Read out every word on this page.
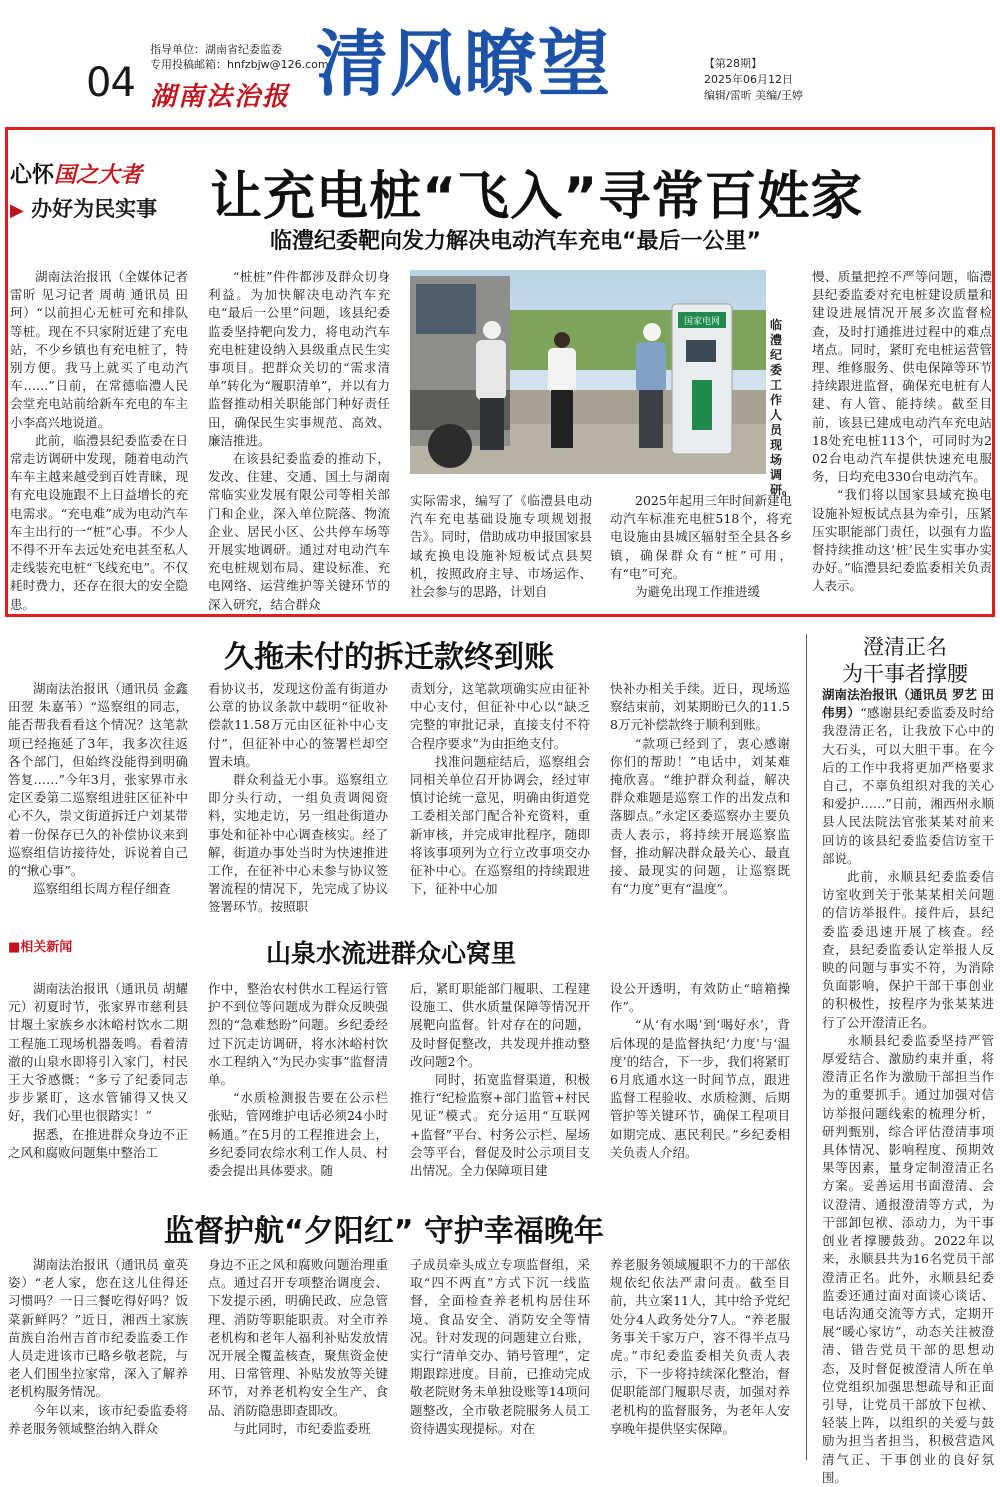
04
指导单位：湖南省纪委监委
专用投稿邮箱：hnfzbjw@126.com
湖南法治报 清风瞭望	【第28期】
2025年06月12日
编辑/雷昕 美编/王婷
心怀国之大者
▶ 办好为民实事 让充电桩“飞入”寻常百姓家
临澧纪委靶向发力解决电动汽车充电“最后一公里”

湖南法治报讯（全媒体记者 雷昕 见习记者 周萌 通讯员 田珂）“以前担心无桩可充和排队等桩。现在不只家附近建了充电站，不少乡镇也有充电桩了，特别方便。我马上就买了电动汽车……”日前，在常德临澧人民会堂充电站前给新车充电的车主小李高兴地说道。

此前，临澧县纪委监委在日常走访调研中发现，随着电动汽车车主越来越受到百姓青睐，现有充电设施跟不上日益增长的充电需求。“充电难”成为电动汽车车主出行的一“桩”心事。不少人不得不开车去远处充电甚至私人走线装充电桩“飞线充电”。不仅耗时费力，还存在很大的安全隐患。

“桩桩”件件都涉及群众切身利益。为加快解决电动汽车充电“最后一公里”问题，该县纪委监委坚持靶向发力，将电动汽车充电桩建设纳入县级重点民生实事项目。把群众关切的“需求清单”转化为“履职清单”，并以有力监督推动相关职能部门种好责任田，确保民生实事规范、高效、廉洁推进。

在该县纪委监委的推动下，发改、住建、交通、国土与湖南常临实业发展有限公司等相关部门和企业，深入单位院落、物流企业、居民小区、公共停车场等开展实地调研。通过对电动汽车充电桩规划布局、建设标准、充电网络、运营维护等关键环节的深入研究，结合群众

国家电网	临澧纪委工作人员现场调研。

实际需求，编写了《临澧县电动汽车充电基础设施专项规划报告》。同时，借助成功申报国家县域充换电设施补短板试点县契机，按照政府主导、市场运作、社会参与的思路，计划自

2025年起用三年时间新建电动汽车标准充电桩518个，将充电设施由县城区辐射至全县各乡镇，确保群众有“桩”可用，有“电”可充。

为避免出现工作推进缓

慢、质量把控不严等问题，临澧县纪委监委对充电桩建设质量和建设进展情况开展多次监督检查，及时打通推进过程中的难点堵点。同时，紧盯充电桩运营管理、维修服务、供电保障等环节持续跟进监督，确保充电桩有人建、有人管、能持续。截至目前，该县已建成电动汽车充电站18处充电桩113个，可同时为202台电动汽车提供快速充电服务，日均充电330台电动汽车。

“我们将以国家县域充换电设施补短板试点县为牵引，压紧压实职能部门责任，以强有力监督持续推动这‘桩’民生实事办实办好。”临澧县纪委监委相关负责人表示。

久拖未付的拆迁款终到账

湖南法治报讯（通讯员 金鑫 田翌 朱嘉苇）“巡察组的同志，能否帮我看看这个情况？这笔款项已经拖延了3年，我多次往返各个部门，但始终没能得到明确答复……”今年3月，张家界市永定区委第二巡察组进驻区征补中心不久，崇文街道拆迁户刘某带着一份保存已久的补偿协议来到巡察组信访接待处，诉说着自己的“揪心事”。

巡察组组长周方程仔细查

看协议书，发现这份盖有街道办公章的协议条款中载明“征收补偿款11.58万元由区征补中心支付”，但征补中心的签署栏却空置未填。

群众利益无小事。巡察组立即分头行动，一组负责调阅资料，实地走访，另一组赴街道办事处和征补中心调查核实。经了解，街道办事处当时为快速推进工作，在征补中心未参与协议签署流程的情况下，先完成了协议签署环节。按照职

责划分，这笔款项确实应由征补中心支付，但征补中心以“缺乏完整的审批记录，直接支付不符合程序要求”为由拒绝支付。

找准问题症结后，巡察组会同相关单位召开协调会，经过审慎讨论统一意见，明确由街道党工委相关部门配合补充资料，重新审核，并完成审批程序，随即将该事项列为立行立改事项交办征补中心。在巡察组的持续跟进下，征补中心加

快补办相关手续。近日，现场巡察结束前，刘某期盼已久的11.58万元补偿款终于顺利到账。

“款项已经到了，衷心感谢你们的帮助！”电话中，刘某难掩欣喜。“维护群众利益，解决群众难题是巡察工作的出发点和落脚点。”永定区委巡察办主要负责人表示，将持续开展巡察监督，推动解决群众最关心、最直接、最现实的问题，让巡察既有“力度”更有“温度”。

■相关新闻	山泉水流进群众心窝里

湖南法治报讯（通讯员 胡耀元）初夏时节，张家界市慈利县甘堰土家族乡水沐峪村饮水二期工程施工现场机器轰鸣。看着清澈的山泉水即将引入家门，村民王大爷感慨：“多亏了纪委同志步步紧盯，这水管铺得又快又好，我们心里也很踏实！”

据悉，在推进群众身边不正之风和腐败问题集中整治工

作中，整治农村供水工程运行管护不到位等问题成为群众反映强烈的“急难愁盼”问题。乡纪委经过下沉走访调研，将水沐峪村饮水工程纳入“为民办实事”监督清单。

“水质检测报告要在公示栏张贴，管网维护电话必须24小时畅通。”在5月的工程推进会上，乡纪委同农综水利工作人员、村委会提出具体要求。随

后，紧盯职能部门履职、工程建设施工、供水质量保障等情况开展靶向监督。针对存在的问题，及时督促整改，共发现并推动整改问题2个。

同时，拓宽监督渠道，积极推行“纪检监察+部门监管+村民见证”模式。充分运用“互联网+监督”平台、村务公示栏、屋场会等平台，督促及时公示项目支出情况。全力保障项目建

设公开透明，有效防止“暗箱操作”。

“从‘有水喝’到‘喝好水’，背后体现的是监督执纪‘力度’与‘温度’的结合，下一步，我们将紧盯6月底通水这一时间节点，跟进监督工程验收、水质检测、后期管护等关键环节，确保工程项目如期完成、惠民利民。”乡纪委相关负责人介绍。

监督护航“夕阳红” 守护幸福晚年

湖南法治报讯（通讯员 童英姿）“老人家，您在这儿住得还习惯吗？一日三餐吃得好吗？饭菜新鲜吗？”近日，湘西土家族苗族自治州吉首市纪委监委工作人员走进该市已略乡敬老院，与老人们围坐拉家常，深入了解养老机构服务情况。

今年以来，该市纪委监委将养老服务领域整治纳入群众

身边不正之风和腐败问题治理重点。通过召开专项整治调度会、下发提示函，明确民政、应急管理、消防等职能职责。对全市养老机构和老年人福利补贴发放情况开展全覆盖核查，聚焦资金使用、日常管理、补贴发放等关键环节，对养老机构安全生产、食品、消防隐患即查即改。

与此同时，市纪委监委班

子成员牵头成立专项监督组，采取“四不两直”方式下沉一线监督，全面检查养老机构居住环境、食品安全、消防安全等情况。针对发现的问题建立台账，实行“清单交办、销号管理”，定期跟踪进度。目前，已推动完成敬老院财务未单独设账等14项问题整改，全市敬老院服务人员工资待遇实现提标。对在

养老服务领域履职不力的干部依规依纪依法严肃问责。截至目前，共立案11人，其中给予党纪处分4人政务处分7人。“养老服务事关千家万户，容不得半点马虎。”市纪委监委相关负责人表示，下一步将持续深化整治，督促职能部门履职尽责，加强对养老机构的监督服务，为老年人安享晚年提供坚实保障。

澄清正名
为干事者撑腰

湖南法治报讯（通讯员 罗艺 田伟男）“感谢县纪委监委及时给我澄清正名，让我放下心中的大石头，可以大胆干事。在今后的工作中我将更加严格要求自己，不辜负组织对我的关心和爱护……”日前，湘西州永顺县人民法院法官张某某对前来回访的该县纪委监委信访室干部说。

此前，永顺县纪委监委信访室收到关于张某某相关问题的信访举报件。接件后，县纪委监委迅速开展了核查。经查，县纪委监委认定举报人反映的问题与事实不符，为消除负面影响，保护干部干事创业的积极性，按程序为张某某进行了公开澄清正名。

永顺县纪委监委坚持严管厚爱结合、激励约束并重，将澄清正名作为激励干部担当作为的重要抓手。通过加强对信访举报问题线索的梳理分析，研判甄别，综合评估澄清事项具体情况、影响程度、预期效果等因素，量身定制澄清正名方案。妥善运用书面澄清、会议澄清、通报澄清等方式，为干部卸包袱、添动力，为干事创业者撑腰鼓劲。2022年以来，永顺县共为16名党员干部澄清正名。此外，永顺县纪委监委还通过面对面谈心谈话、电话沟通交流等方式，定期开展“暖心家访”，动态关注被澄清、错告党员干部的思想动态，及时督促被澄清人所在单位党组织加强思想疏导和正面引导，让党员干部放下包袱、轻装上阵，以组织的关爱与鼓励为担当者担当，积极营造风清气正、干事创业的良好氛围。
